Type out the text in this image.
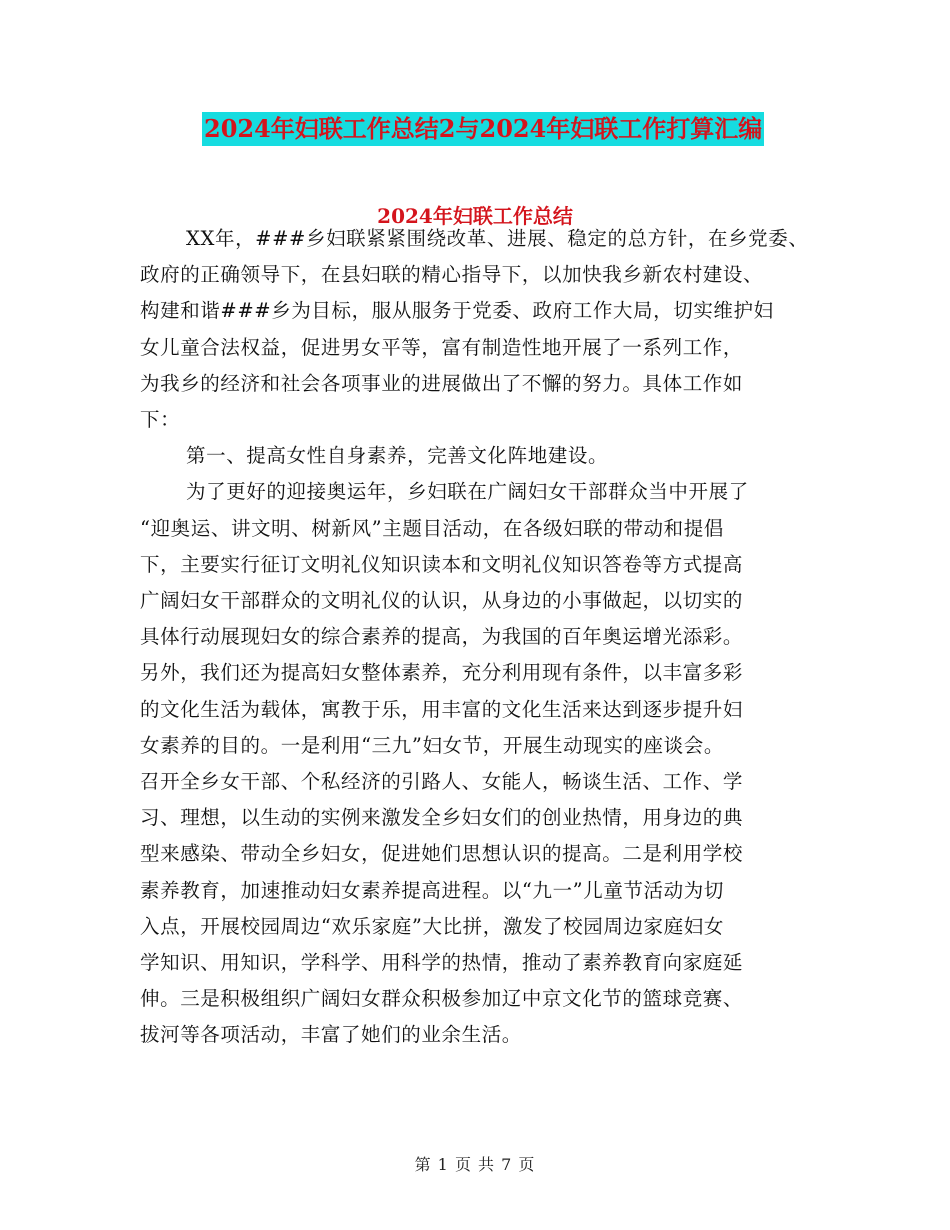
2024年妇联工作总结2与2024年妇联工作打算汇编
2024年妇联工作总结
XX年，###乡妇联紧紧围绕改革、进展、稳定的总方针，在乡党委、
政府的正确领导下，在县妇联的精心指导下，以加快我乡新农村建设、
构建和谐###乡为目标，服从服务于党委、政府工作大局，切实维护妇
女儿童合法权益，促进男女平等，富有制造性地开展了一系列工作，
为我乡的经济和社会各项事业的进展做出了不懈的努力。具体工作如
下：
第一、提高女性自身素养，完善文化阵地建设。
为了更好的迎接奥运年，乡妇联在广阔妇女干部群众当中开展了
“迎奥运、讲文明、树新风”主题目活动，在各级妇联的带动和提倡
下，主要实行征订文明礼仪知识读本和文明礼仪知识答卷等方式提高
广阔妇女干部群众的文明礼仪的认识，从身边的小事做起，以切实的
具体行动展现妇女的综合素养的提高，为我国的百年奥运增光添彩。
另外，我们还为提高妇女整体素养，充分利用现有条件，以丰富多彩
的文化生活为载体，寓教于乐，用丰富的文化生活来达到逐步提升妇
女素养的目的。一是利用“三九”妇女节，开展生动现实的座谈会。
召开全乡女干部、个私经济的引路人、女能人，畅谈生活、工作、学
习、理想，以生动的实例来激发全乡妇女们的创业热情，用身边的典
型来感染、带动全乡妇女，促进她们思想认识的提高。二是利用学校
素养教育，加速推动妇女素养提高进程。以“九一”儿童节活动为切
入点，开展校园周边“欢乐家庭”大比拼，激发了校园周边家庭妇女
学知识、用知识，学科学、用科学的热情，推动了素养教育向家庭延
伸。三是积极组织广阔妇女群众积极参加辽中京文化节的篮球竞赛、
拔河等各项活动，丰富了她们的业余生活。
第 1 页 共 7 页
